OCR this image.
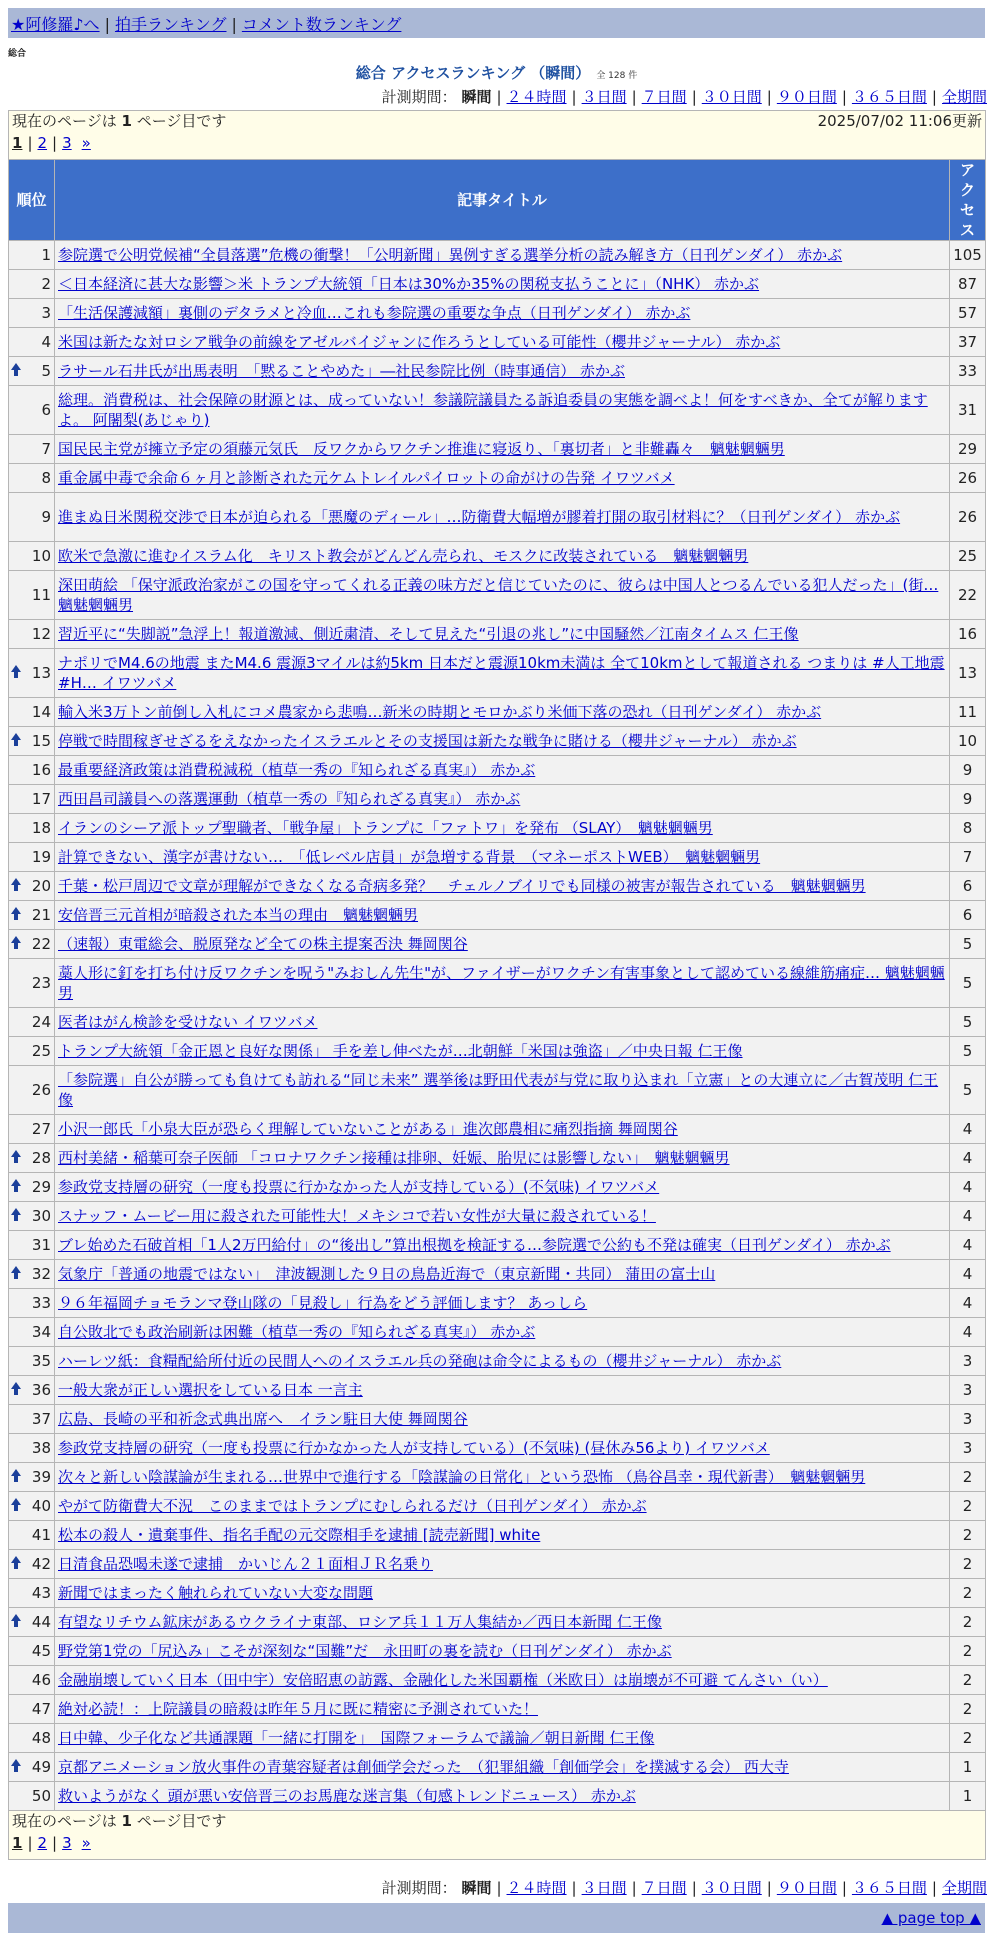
★阿修羅♪へ | 拍手ランキング | コメント数ランキング
総合
総合 アクセスランキング （瞬間） 全 128 件
計測期間： 瞬間 | ２４時間 | ３日間 | ７日間 | ３０日間 | ９０日間 | ３６５日間 | 全期間
現在のページは 1 ページ目です 2025/07/02 11:06更新
1 | 2 | 3 »		

順位	記事タイトル	アクセス
1	参院選で公明党候補“全員落選”危機の衝撃！「公明新聞」異例すぎる選挙分析の読み解き方（日刊ゲンダイ） 赤かぶ	105
2	＜日本経済に甚大な影響＞米 トランプ大統領「日本は30%か35%の関税支払うことに」（NHK） 赤かぶ	87
3	「生活保護減額」裏側のデタラメと冷血…これも参院選の重要な争点（日刊ゲンダイ） 赤かぶ	57
4	米国は新たな対ロシア戦争の前線をアゼルバイジャンに作ろうとしている可能性（櫻井ジャーナル） 赤かぶ	37

5	ラサール石井氏が出馬表明　「黙ることやめた」―社民参院比例（時事通信） 赤かぶ	33
6	総理。消費税は、社会保障の財源とは、成っていない！参議院議員たる訴追委員の実態を調べよ！何をすべきか、全てが解りますよ。 阿闍梨(あじゃり)	31
7	国民民主党が擁立予定の須藤元気氏　反ワクからワクチン推進に寝返り、「裏切者」と非難轟々　魑魅魍魎男	29
8	重金属中毒で余命６ヶ月と診断された元ケムトレイルパイロットの命がけの告発 イワツバメ	26
9	進まぬ日米関税交渉で日本が迫られる「悪魔のディール」…防衛費大幅増が膠着打開の取引材料に？（日刊ゲンダイ） 赤かぶ	26
10	欧米で急激に進むイスラム化　キリスト教会がどんどん売られ、モスクに改装されている　魑魅魍魎男	25
11	深田萌絵 「保守派政治家がこの国を守ってくれる正義の味方だと信じていたのに、彼らは中国人とつるんでいる犯人だった」(街… 魑魅魍魎男	22
12	習近平に“失脚説”急浮上！報道激減、側近粛清、そして見えた“引退の兆し”に中国騒然／江南タイムス 仁王像	16

13	ナポリでM4.6の地震 またM4.6 震源3マイルは約5km 日本だと震源10km未満は 全て10kmとして報道される つまりは #人工地震 #H… イワツバメ	13
14	輸入米3万トン前倒し入札にコメ農家から悲鳴…新米の時期とモロかぶり米価下落の恐れ（日刊ゲンダイ） 赤かぶ	11

15	停戦で時間稼ぎせざるをえなかったイスラエルとその支援国は新たな戦争に賭ける（櫻井ジャーナル） 赤かぶ	10
16	最重要経済政策は消費税減税（植草一秀の『知られざる真実』） 赤かぶ	9
17	西田昌司議員への落選運動（植草一秀の『知られざる真実』） 赤かぶ	9
18	イランのシーア派トップ聖職者、「戦争屋」トランプに「ファトワ」を発布 （SLAY）　魑魅魍魎男	8
19	計算できない、漢字が書けない…　「低レベル店員」が急増する背景　（マネーポストWEB）　魑魅魍魎男	7

20	千葉・松戸周辺で文章が理解ができなくなる奇病多発？　チェルノブイリでも同様の被害が報告されている　魑魅魍魎男	6

21	安倍晋三元首相が暗殺された本当の理由　魑魅魍魎男	6

22	（速報）東電総会、脱原発など全ての株主提案否決 舞岡関谷	5
23	藁人形に釘を打ち付け反ワクチンを呪う"みおしん先生"が、ファイザーがワクチン有害事象として認めている線維筋痛症… 魑魅魍魎男	5
24	医者はがん検診を受けない イワツバメ	5
25	トランプ大統領「金正恩と良好な関係」 手を差し伸べたが…北朝鮮「米国は強盗」／中央日報 仁王像	5
26	「参院選」自公が勝っても負けても訪れる“同じ未来” 選挙後は野田代表が与党に取り込まれ「立憲」との大連立に／古賀茂明 仁王像	5
27	小沢一郎氏「小泉大臣が恐らく理解していないことがある」進次郎農相に痛烈指摘 舞岡関谷	4

28	西村美緒・稲葉可奈子医師 「コロナワクチン接種は排卵、妊娠、胎児には影響しない」　魑魅魍魎男	4

29	参政党支持層の研究（一度も投票に行かなかった人が支持している）(不気味) イワツバメ	4

30	スナッフ・ムービー用に殺された可能性大！メキシコで若い女性が大量に殺されている！	4
31	ブレ始めた石破首相「1人2万円給付」の“後出し”算出根拠を検証する…参院選で公約も不発は確実（日刊ゲンダイ） 赤かぶ	4

32	気象庁「普通の地震ではない」　津波観測した９日の鳥島近海で（東京新聞・共同） 蒲田の富士山	4
33	９６年福岡チョモランマ登山隊の「見殺し」行為をどう評価します？ あっしら	4
34	自公敗北でも政治刷新は困難（植草一秀の『知られざる真実』） 赤かぶ	4
35	ハーレツ紙：食糧配給所付近の民間人へのイスラエル兵の発砲は命令によるもの（櫻井ジャーナル） 赤かぶ	3

36	一般大衆が正しい選択をしている日本 一言主	3
37	広島、長崎の平和祈念式典出席へ　イラン駐日大使 舞岡関谷	3
38	参政党支持層の研究（一度も投票に行かなかった人が支持している）(不気味) (昼休み56より) イワツバメ	3

39	次々と新しい陰謀論が生まれる…世界中で進行する「陰謀論の日常化」という恐怖 （鳥谷昌幸・現代新書）　魑魅魍魎男	2

40	やがて防衛費大不況　このままではトランプにむしられるだけ（日刊ゲンダイ） 赤かぶ	2
41	松本の殺人・遺棄事件、指名手配の元交際相手を逮捕 [読売新聞] white	2

42	日清食品恐喝未遂で逮捕　かいじん２１面相ＪＲ名乗り	2
43	新聞ではまったく触れられていない大変な問題	2

44	有望なリチウム鉱床があるウクライナ東部、ロシア兵１１万人集結か／西日本新聞 仁王像	2
45	野党第1党の「尻込み」こそが深刻な“国難”だ　永田町の裏を読む（日刊ゲンダイ） 赤かぶ	2
46	金融崩壊していく日本（田中宇）安倍昭恵の訪露、金融化した米国覇権（米欧日）は崩壊が不可避 てんさい（い）	2
47	絶対必読！：上院議員の暗殺は昨年５月に既に精密に予測されていた！	2
48	日中韓、少子化など共通課題「一緒に打開を」　国際フォーラムで議論／朝日新聞 仁王像	2

49	京都アニメーション放火事件の青葉容疑者は創価学会だった　（犯罪組織「創価学会」を撲滅する会） 西大寺	1
50	救いようがなく 頭が悪い安倍晋三のお馬鹿な迷言集（旬感トレンドニュース） 赤かぶ	1

現在のページは 1 ページ目です
1 | 2 | 3 »		
計測期間： 瞬間 | ２４時間 | ３日間 | ７日間 | ３０日間 | ９０日間 | ３６５日間 | 全期間
▲ page top ▲
